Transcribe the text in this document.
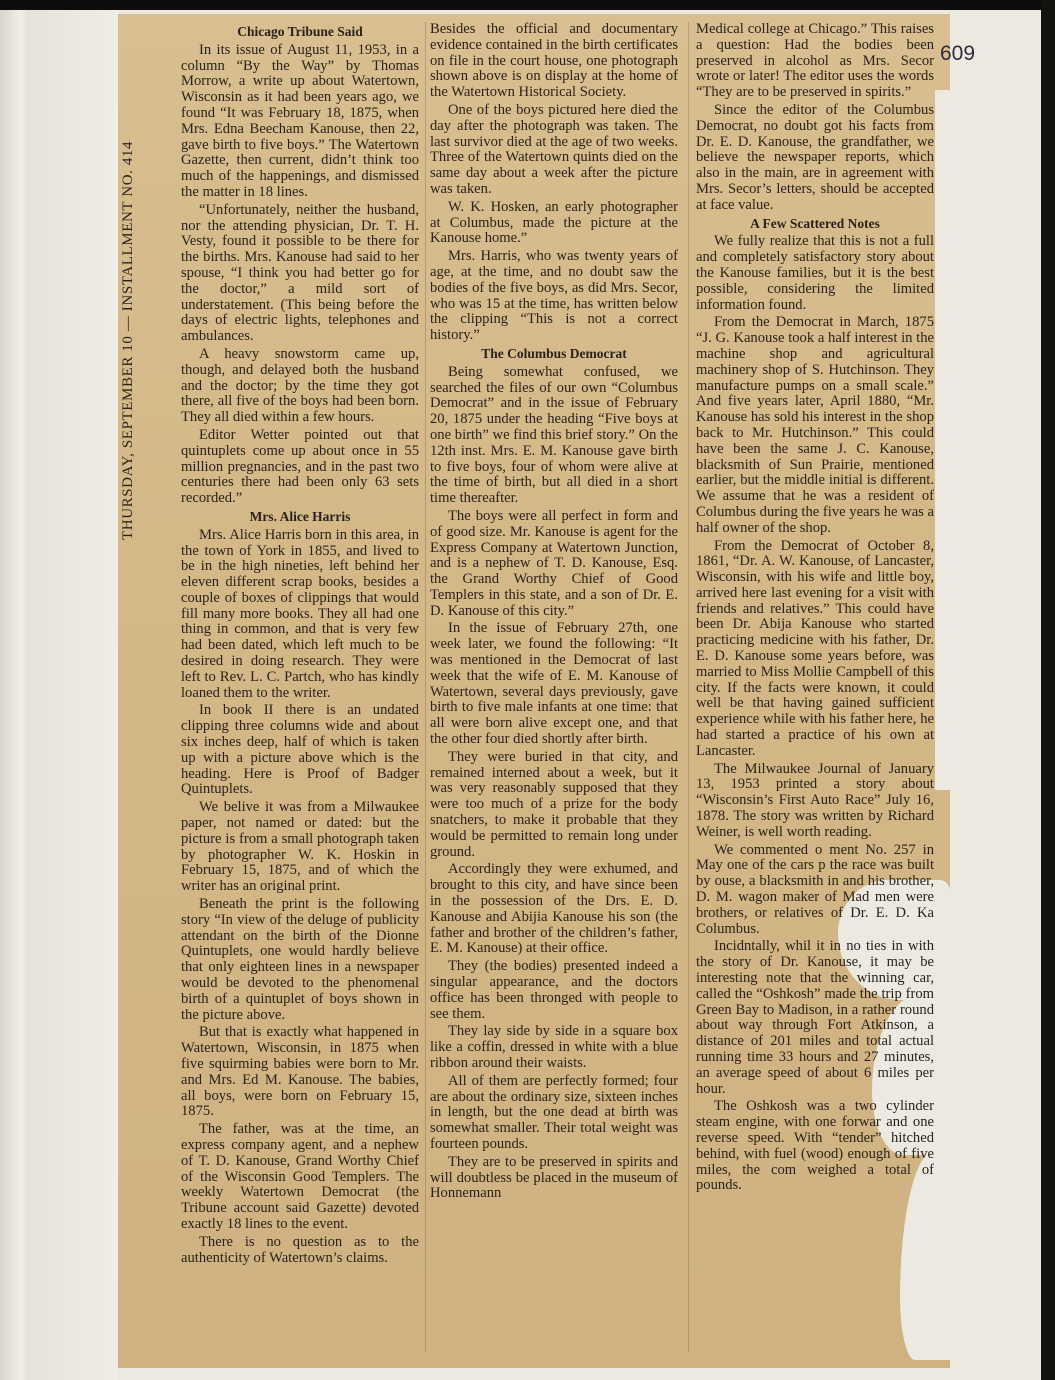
609
THURSDAY, SEPTEMBER 10 — INSTALLMENT NO. 414
Chicago Tribune Said

In its issue of August 11, 1953, in a column “By the Way” by Thomas Morrow, a write up about Watertown, Wisconsin as it had been years ago, we found “It was February 18, 1875, when Mrs. Edna Beecham Kanouse, then 22, gave birth to five boys.” The Watertown Gazette, then current, didn’t think too much of the happenings, and dismissed the matter in 18 lines.

“Unfortunately, neither the husband, nor the attending physician, Dr. T. H. Vesty, found it possible to be there for the births. Mrs. Kanouse had said to her spouse, “I think you had better go for the doctor,” a mild sort of understatement. (This being before the days of electric lights, telephones and ambulances.

A heavy snowstorm came up, though, and delayed both the husband and the doctor; by the time they got there, all five of the boys had been born. They all died within a few hours.

Editor Wetter pointed out that quintuplets come up about once in 55 million pregnancies, and in the past two centuries there had been only 63 sets recorded.”

Mrs. Alice Harris

Mrs. Alice Harris born in this area, in the town of York in 1855, and lived to be in the high nineties, left behind her eleven different scrap books, besides a couple of boxes of clippings that would fill many more books. They all had one thing in common, and that is very few had been dated, which left much to be desired in doing research. They were left to Rev. L. C. Partch, who has kindly loaned them to the writer.

In book II there is an undated clipping three columns wide and about six inches deep, half of which is taken up with a picture above which is the heading. Here is Proof of Badger Quintuplets.

We belive it was from a Milwaukee paper, not named or dated: but the picture is from a small photograph taken by photographer W. K. Hoskin in February 15, 1875, and of which the writer has an original print.

Beneath the print is the following story “In view of the deluge of publicity attendant on the birth of the Dionne Quintuplets, one would hardly believe that only eighteen lines in a newspaper would be devoted to the phenomenal birth of a quintuplet of boys shown in the picture above.

But that is exactly what happened in Watertown, Wisconsin, in 1875 when five squirming babies were born to Mr. and Mrs. Ed M. Kanouse. The babies, all boys, were born on February 15, 1875.

The father, was at the time, an express company agent, and a nephew of T. D. Kanouse, Grand Worthy Chief of the Wisconsin Good Templers. The weekly Watertown Democrat (the Tribune account said Gazette) devoted exactly 18 lines to the event.

There is no question as to the authenticity of Watertown’s claims.

Besides the official and documentary evidence contained in the birth certificates on file in the court house, one photograph shown above is on display at the home of the Watertown Historical Society.

One of the boys pictured here died the day after the photograph was taken. The last survivor died at the age of two weeks. Three of the Watertown quints died on the same day about a week after the picture was taken.

W. K. Hosken, an early photographer at Columbus, made the picture at the Kanouse home.”

Mrs. Harris, who was twenty years of age, at the time, and no doubt saw the bodies of the five boys, as did Mrs. Secor, who was 15 at the time, has written below the clipping “This is not a correct history.”

The Columbus Democrat

Being somewhat confused, we searched the files of our own “Columbus Democrat” and in the issue of February 20, 1875 under the heading “Five boys at one birth” we find this brief story.” On the 12th inst. Mrs. E. M. Kanouse gave birth to five boys, four of whom were alive at the time of birth, but all died in a short time thereafter.

The boys were all perfect in form and of good size. Mr. Kanouse is agent for the Express Company at Watertown Junction, and is a nephew of T. D. Kanouse, Esq. the Grand Worthy Chief of Good Templers in this state, and a son of Dr. E. D. Kanouse of this city.”

In the issue of February 27th, one week later, we found the following: “It was mentioned in the Democrat of last week that the wife of E. M. Kanouse of Watertown, several days previously, gave birth to five male infants at one time: that all were born alive except one, and that the other four died shortly after birth.

They were buried in that city, and remained interned about a week, but it was very reasonably supposed that they were too much of a prize for the body snatchers, to make it probable that they would be permitted to remain long under ground.

Accordingly they were exhumed, and brought to this city, and have since been in the possession of the Drs. E. D. Kanouse and Abijia Kanouse his son (the father and brother of the children’s father, E. M. Kanouse) at their office.

They (the bodies) presented indeed a singular appearance, and the doctors office has been thronged with people to see them.

They lay side by side in a square box like a coffin, dressed in white with a blue ribbon around their waists.

All of them are perfectly formed; four are about the ordinary size, sixteen inches in length, but the one dead at birth was somewhat smaller. Their total weight was fourteen pounds.

They are to be preserved in spirits and will doubtless be placed in the museum of Honnemann

Medical college at Chicago.” This raises a question: Had the bodies been preserved in alcohol as Mrs. Secor wrote or later! The editor uses the words “They are to be preserved in spirits.”

Since the editor of the Columbus Democrat, no doubt got his facts from Dr. E. D. Kanouse, the grandfather, we believe the newspaper reports, which also in the main, are in agreement with Mrs. Secor’s letters, should be accepted at face value.

A Few Scattered Notes

We fully realize that this is not a full and completely satisfactory story about the Kanouse families, but it is the best possible, considering the limited information found.

From the Democrat in March, 1875 “J. G. Kanouse took a half interest in the machine shop and agricultural machinery shop of S. Hutchinson. They manufacture pumps on a small scale.” And five years later, April 1880, “Mr. Kanouse has sold his interest in the shop back to Mr. Hutchinson.” This could have been the same J. C. Kanouse, blacksmith of Sun Prairie, mentioned earlier, but the middle initial is different. We assume that he was a resident of Columbus during the five years he was a half owner of the shop.

From the Democrat of October 8, 1861, “Dr. A. W. Kanouse, of Lancaster, Wisconsin, with his wife and little boy, arrived here last evening for a visit with friends and relatives.” This could have been Dr. Abija Kanouse who started practicing medicine with his father, Dr. E. D. Kanouse some years before, was married to Miss Mollie Campbell of this city. If the facts were known, it could well be that having gained sufficient experience while with his father here, he had started a practice of his own at Lancaster.

The Milwaukee Journal of January 13, 1953 printed a story about “Wisconsin’s First Auto Race” July 16, 1878. The story was written by Richard Weiner, is well worth reading.

We commented o ment No. 257 in May one of the cars p the race was built by ouse, a blacksmith in and his brother, D. M. wagon maker of Mad men were brothers, or relatives of Dr. E. D. Ka Columbus.

Incidntally, whil it in no ties in with the story of Dr. Kanouse, it may be interesting note that the winning car, called the “Oshkosh” made the trip from Green Bay to Madison, in a rather round about way through Fort Atkinson, a distance of 201 miles and total actual running time 33 hours and 27 minutes, an average speed of about 6 miles per hour.

The Oshkosh was a two cylinder steam engine, with one forwar and one reverse speed. With “tender” hitched behind, with fuel (wood) enough of five miles, the com weighed a total of pounds.
